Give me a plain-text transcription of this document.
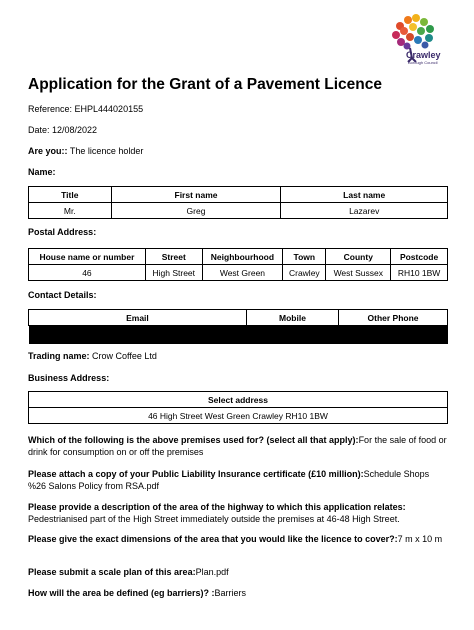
Crawley
Borough Council
Application for the Grant of a Pavement Licence
Reference: EHPL444020155
Date: 12/08/2022
Are you:: The licence holder
Name:
Title	First name	Last name
Mr.	Greg	Lazarev
Postal Address:
House name or number	Street	Neighbourhood	Town	County	Postcode
46	High Street	West Green	Crawley	West Sussex	RH10 1BW
Contact Details:
Email	Mobile	Other Phone

Trading name: Crow Coffee Ltd
Business Address:
Select address
46 High Street West Green Crawley RH10 1BW
Which of the following is the above premises used for? (select all that apply):For the sale of food or drink for consumption on or off the premises
Please attach a copy of your Public Liability Insurance certificate (£10 million):Schedule Shops %26 Salons Policy from RSA.pdf
Please provide a description of the area of the highway to which this application relates:
Pedestrianised part of the High Street immediately outside the premises at 46-48 High Street.
Please give the exact dimensions of the area that you would like the licence to cover?:7 m x 10 m
Please submit a scale plan of this area:Plan.pdf
How will the area be defined (eg barriers)? :Barriers
